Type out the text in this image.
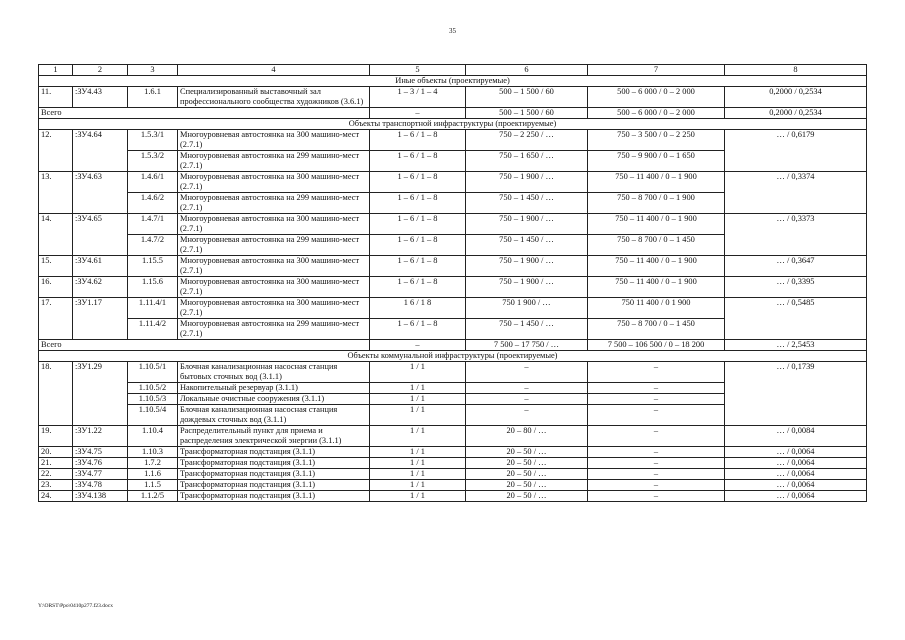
35
1	2	3	4	5	6	7	8
Иные объекты (проектируемые)							
11.	:ЗУ4.43	1.6.1	Специализированный выставочный зал профессионального сообщества художников (3.6.1)	1 – 3 / 1 – 4	500 – 1 500 / 60	500 – 6 000 / 0 – 2 000	0,2000 / 0,2534
Всего				–	500 – 1 500 / 60	500 – 6 000 / 0 – 2 000	0,2000 / 0,2534
Объекты транспортной инфраструктуры (проектируемые)							
12.	:ЗУ4.64	1.5.3/1	Многоуровневая автостоянка на 300 машино-мест (2.7.1)	1 – 6 / 1 – 8	750 – 2 250 / …	750 – 3 500 / 0 – 2 250	… / 0,6179
		1.5.3/2	Многоуровневая автостоянка на 299 машино-мест (2.7.1)	1 – 6 / 1 – 8	750 – 1 650 / …	750 – 9 900 / 0 – 1 650	
13.	:ЗУ4.63	1.4.6/1	Многоуровневая автостоянка на 300 машино-мест (2.7.1)	1 – 6 / 1 – 8	750 – 1 900 / …	750 – 11 400 / 0 – 1 900	… / 0,3374
		1.4.6/2	Многоуровневая автостоянка на 299 машино-мест (2.7.1)	1 – 6 / 1 – 8	750 – 1 450 / …	750 – 8 700 / 0 – 1 900	
14.	:ЗУ4.65	1.4.7/1	Многоуровневая автостоянка на 300 машино-мест (2.7.1)	1 – 6 / 1 – 8	750 – 1 900 / …	750 – 11 400 / 0 – 1 900	… / 0,3373
		1.4.7/2	Многоуровневая автостоянка на 299 машино-мест (2.7.1)	1 – 6 / 1 – 8	750 – 1 450 / …	750 – 8 700 / 0 – 1 450	
15.	:ЗУ4.61	1.15.5	Многоуровневая автостоянка на 300 машино-мест (2.7.1)	1 – 6 / 1 – 8	750 – 1 900 / …	750 – 11 400 / 0 – 1 900	… / 0,3647
16.	:ЗУ4.62	1.15.6	Многоуровневая автостоянка на 300 машино-мест (2.7.1)	1 – 6 / 1 – 8	750 – 1 900 / …	750 – 11 400 / 0 – 1 900	… / 0,3395
17.	:ЗУ1.17	1.11.4/1	Многоуровневая автостоянка на 300 машино-мест (2.7.1)	1 6 / 1 8	750 1 900 / …	750 11 400 / 0 1 900	… / 0,5485
		1.11.4/2	Многоуровневая автостоянка на 299 машино-мест (2.7.1)	1 – 6 / 1 – 8	750 – 1 450 / …	750 – 8 700 / 0 – 1 450	
Всего				–	7 500 – 17 750 / …	7 500 – 106 500 / 0 – 18 200	… / 2,5453
Объекты коммунальной инфраструктуры (проектируемые)							
18.	:ЗУ1.29	1.10.5/1	Блочная канализационная насосная станция бытовых сточных вод (3.1.1)	1 / 1	–	–	… / 0,1739
		1.10.5/2	Накопительный резервуар (3.1.1)	1 / 1	–	–	
		1.10.5/3	Локальные очистные сооружения (3.1.1)	1 / 1	–	–	
		1.10.5/4	Блочная канализационная насосная станция дождевых сточных вод (3.1.1)	1 / 1	–	–	
19.	:ЗУ1.22	1.10.4	Распределительный пункт для приема и распределения электрической энергии (3.1.1)	1 / 1	20 – 80 / …	–	… / 0,0084
20.	:ЗУ4.75	1.10.3	Трансформаторная подстанция (3.1.1)	1 / 1	20 – 50 / …	–	… / 0,0064
21.	:ЗУ4.76	1.7.2	Трансформаторная подстанция (3.1.1)	1 / 1	20 – 50 / …	–	… / 0,0064
22.	:ЗУ4.77	1.1.6	Трансформаторная подстанция (3.1.1)	1 / 1	20 – 50 / …	–	… / 0,0064
23.	:ЗУ4.78	1.1.5	Трансформаторная подстанция (3.1.1)	1 / 1	20 – 50 / …	–	… / 0,0064
24.	:ЗУ4.138	1.1.2/5	Трансформаторная подстанция (3.1.1)	1 / 1	20 – 50 / …	–	… / 0,0064
Y:\ORST\Ppo\0410p277.f23.docx
